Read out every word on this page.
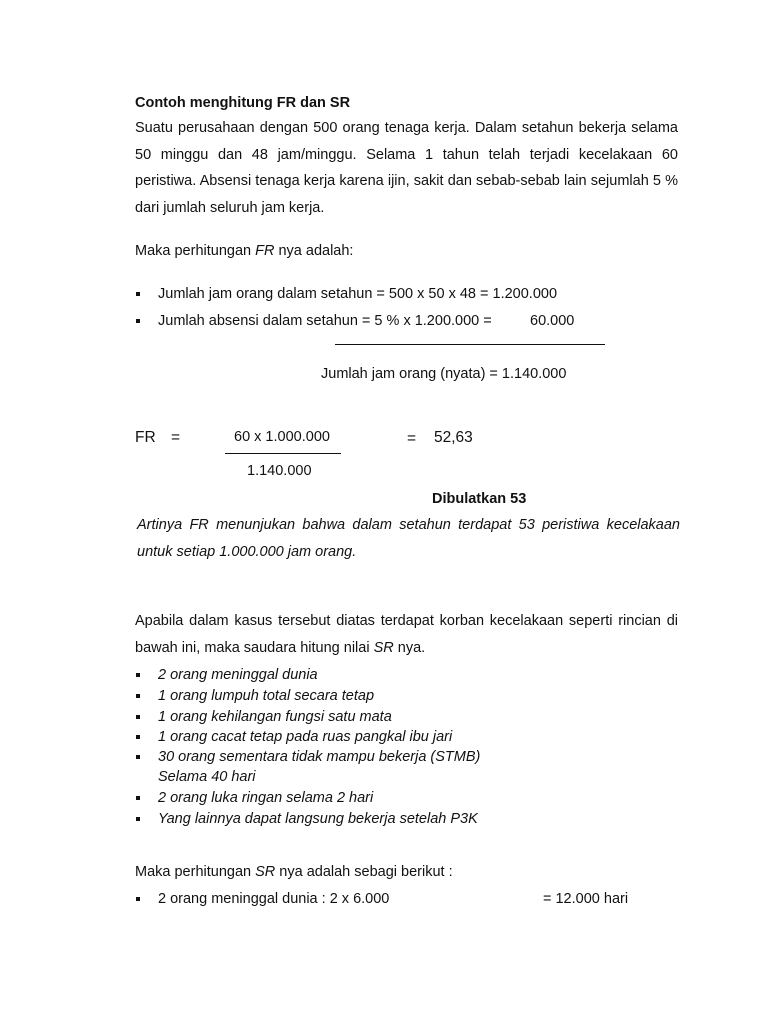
Contoh menghitung FR dan SR
Suatu perusahaan dengan 500 orang tenaga kerja. Dalam setahun bekerja selama 50 minggu dan 48 jam/minggu. Selama 1 tahun telah terjadi kecelakaan 60 peristiwa. Absensi tenaga kerja karena ijin, sakit dan sebab-sebab lain sejumlah 5 % dari jumlah seluruh jam kerja.
Maka perhitungan FR nya adalah:
Jumlah jam orang dalam setahun = 500 x 50 x 48 = 1.200.000
Jumlah absensi dalam setahun = 5 % x 1.200.000 =	60.000
Jumlah jam orang (nyata) = 1.140.000
FR =	60 x 1.000.000
1.140.000
= 52,63
Dibulatkan 53
Artinya FR menunjukan bahwa dalam setahun terdapat 53 peristiwa kecelakaan untuk setiap 1.000.000 jam orang.
Apabila dalam kasus tersebut diatas terdapat korban kecelakaan seperti rincian di bawah ini, maka saudara hitung nilai SR nya.
2 orang meninggal dunia
1 orang lumpuh total secara tetap
1 orang kehilangan fungsi satu mata
1 orang cacat tetap pada ruas pangkal ibu jari
30 orang sementara tidak mampu bekerja (STMB)
Selama 40 hari
2 orang luka ringan selama 2 hari
Yang lainnya dapat langsung bekerja setelah P3K
Maka perhitungan SR nya adalah sebagi berikut :
2 orang meninggal dunia : 2 x 6.000	= 12.000 hari
